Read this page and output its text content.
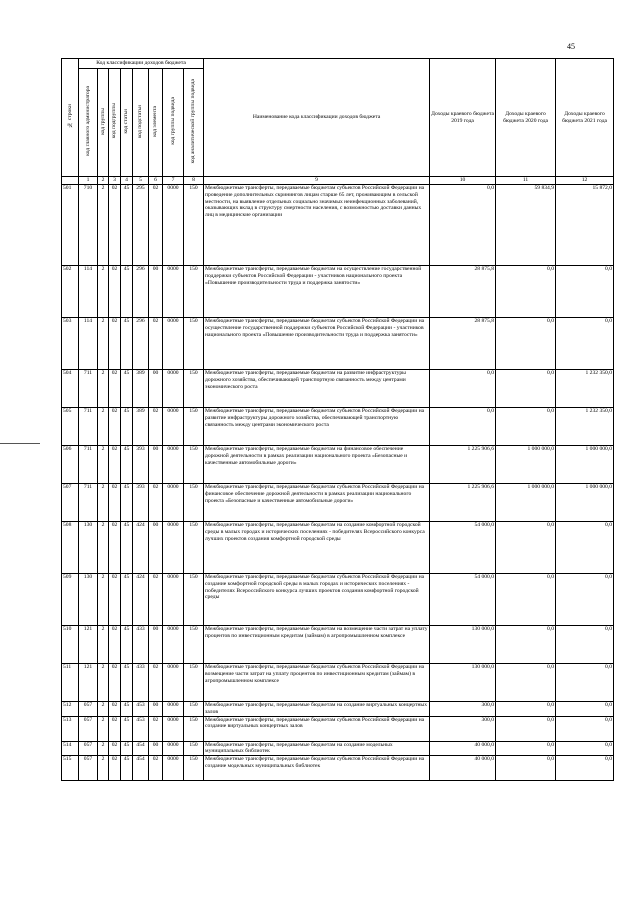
45
№ строки	Код классификации доходов бюджета								Наименование кода классификации доходов бюджета	Доходы краевого бюджета 2019 года	Доходы краевого бюджета 2020 года	Доходы краевого бюджета 2021 года
	код главного администратора	код группы	код подгруппы	код статьи	код подстатьи	код элемента	код группы подвида	код аналитической группы подвида				
	1	2	3	4	5	6	7	8	9	10	11	12
501	710	2	02	45	295	02	0000	150	Межбюджетные трансферты, передаваемые бюджетам субъектов Российской Федерации на проведение дополнительных скринингов лицам старше 65 лет, проживающим в сельской местности, на выявление отдельных социально значимых неинфекционных заболеваний, оказывающих вклад в структуру смертности населения, с возможностью доставки данных лиц в медицинские организации	0,0	59 834,9	15 872,0
502	114	2	02	45	296	00	0000	150	Межбюджетные трансферты, передаваемые бюджетам на осуществление государственной поддержки субъектов Российской Федерации - участников национального проекта «Повышение производительности труда и поддержка занятости»	28 875,8	0,0	0,0
503	114	2	02	45	296	02	0000	150	Межбюджетные трансферты, передаваемые бюджетам субъектов Российской Федерации на осуществление государственной поддержки субъектов Российской Федерации - участников национального проекта «Повышение производительности труда и поддержка занятости»	28 875,8	0,0	0,0
504	711	2	02	45	389	00	0000	150	Межбюджетные трансферты, передаваемые бюджетам на развитие инфраструктуры дорожного хозяйства, обеспечивающей транспортную связанность между центрами экономического роста	0,0	0,0	1 232 350,0
505	711	2	02	45	389	02	0000	150	Межбюджетные трансферты, передаваемые бюджетам субъектов Российской Федерации на развитие инфраструктуры дорожного хозяйства, обеспечивающей транспортную связанность между центрами экономического роста	0,0	0,0	1 232 350,0
506	711	2	02	45	393	00	0000	150	Межбюджетные трансферты, передаваемые бюджетам на финансовое обеспечение дорожной деятельности в рамках реализации национального проекта «Безопасные и качественные автомобильные дороги»	1 225 906,6	1 000 000,0	1 000 000,0
507	711	2	02	45	393	02	0000	150	Межбюджетные трансферты, передаваемые бюджетам субъектов Российской Федерации на финансовое обеспечение дорожной деятельности в рамках реализации национального проекта «Безопасные и качественные автомобильные дороги»	1 225 906,6	1 000 000,0	1 000 000,0
508	130	2	02	45	424	00	0000	150	Межбюджетные трансферты, передаваемые бюджетам на создание комфортной городской среды в малых городах и исторических поселениях - победителях Всероссийского конкурса лучших проектов создания комфортной городской среды	54 000,0	0,0	0,0
509	130	2	02	45	424	02	0000	150	Межбюджетные трансферты, передаваемые бюджетам субъектов Российской Федерации на создание комфортной городской среды в малых городах и исторических поселениях - победителях Всероссийского конкурса лучших проектов создания комфортной городской среды	54 000,0	0,0	0,0
510	121	2	02	45	433	00	0000	150	Межбюджетные трансферты, передаваемые бюджетам на возмещение части затрат на уплату процентов по инвестиционным кредитам (займам) в агропромышленном комплексе	130 000,0	0,0	0,0
511	121	2	02	45	433	02	0000	150	Межбюджетные трансферты, передаваемые бюджетам субъектов Российской Федерации на возмещение части затрат на уплату процентов по инвестиционным кредитам (займам) в агропромышленном комплексе	130 000,0	0,0	0,0
512	057	2	02	45	453	00	0000	150	Межбюджетные трансферты, передаваемые бюджетам на создание виртуальных концертных залов	300,0	0,0	0,0
513	057	2	02	45	453	02	0000	150	Межбюджетные трансферты, передаваемые бюджетам субъектов Российской Федерации на создание виртуальных концертных залов	300,0	0,0	0,0
514	057	2	02	45	454	00	0000	150	Межбюджетные трансферты, передаваемые бюджетам на создание модельных муниципальных библиотек	40 000,0	0,0	0,0
515	057	2	02	45	454	02	0000	150	Межбюджетные трансферты, передаваемые бюджетам субъектов Российской Федерации на создание модельных муниципальных библиотек	40 000,0	0,0	0,0
